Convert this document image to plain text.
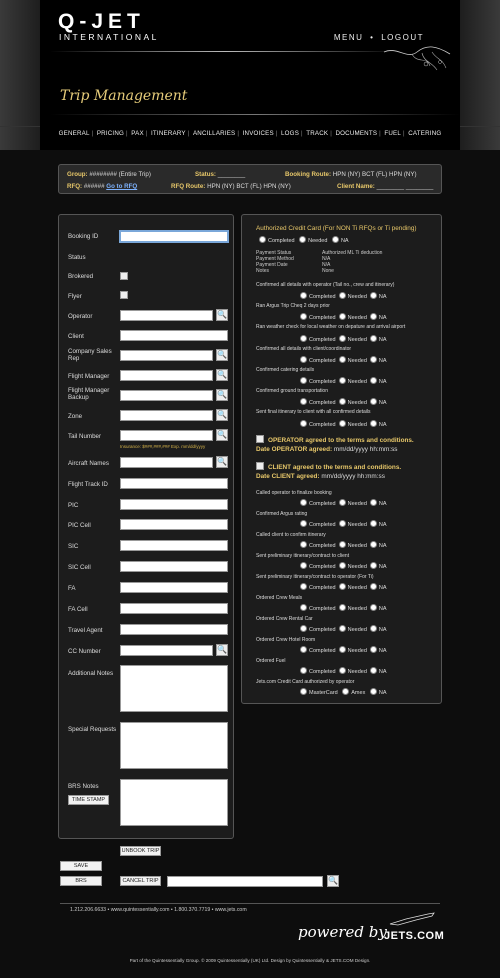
Q-JET
INTERNATIONAL	MENU • LOGOUT
Trip Management
GENERAL | PRICING | PAX | ITINERARY | ANCILLARIES | INVOICES | LOGS | TRACK | DOCUMENTS | FUEL | CATERING
Group: ######## (Entire Trip)	Status: ________	Booking Route: HPN (NY) BCT (FL) HPN (NY)
RFQ: ###### Go to RFQ	RFQ Route: HPN (NY) BCT (FL) HPN (NY)	Client Name: ________ ________
Booking ID
Status
Brokered
Flyer
Operator	🔍
Client
Company Sales Rep	🔍
Flight Manager	🔍
Flight Manager Backup	🔍
Zone	🔍
Tail Number	🔍
Insurance: $###,###,### Exp. mm/dd/yyyy
Aircraft Names	🔍
Flight Track ID
PIC
PIC Cell
SIC
SIC Cell
FA
FA Cell
Travel Agent
CC Number	🔍
Additional Notes
Special Requests
BRS Notes
TIME STAMP
Authorized Credit Card (For NON Ti RFQs or Ti pending)
Completed Needed NA
Payment Status	Authorized ML Ti deduction
Payment Method	N/A
Payment Date	N/A
Notes	None
Confirmed all details with operator (Tail no., crew and itinerary)
Completed Needed NA
Ran Argus Trip Cheq 2 days prior
Completed Needed NA
Ran weather check for local weather on depature and arrival airport
Completed Needed NA
Confirmed all details with client/coordinator
Completed Needed NA
Confirmed catering details
Completed Needed NA
Confirmed ground transportation
Completed Needed NA
Sent final itinerary to client with all confirmed details
Completed Needed NA
OPERATOR agreed to the terms and conditions.
Date OPERATOR agreed: mm/dd/yyyy hh:mm:ss
CLIENT agreed to the terms and conditions.
Date CLIENT agreed: mm/dd/yyyy hh:mm:ss
Called operator to finalize booking
Completed Needed NA
Confirmed Argus rating
Completed Needed NA
Called client to confirm itinerary
Completed Needed NA
Sent preliminary itinerary/contract to client
Completed Needed NA
Sent preliminary itinerary/contract to operator (For Ti)
Completed Needed NA
Ordered Crew Meals
Completed Needed NA
Ordered Crew Rental Car
Completed Needed NA
Ordered Crew Hotel Room
Completed Needed NA
Ordered Fuel
Completed Needed NA
Jets.com Credit Card authorized by operator
MasterCard Amex NA
UNBOOK TRIP
SAVE
BRS	CANCEL TRIP	🔍
1.212.206.6633 • www.quintessentially.com • 1.800.370.7719 • www.jets.com
powered by
JETS.COM
Part of the Quintessentially Group. © 2009 Quintessentially (UK) Ltd. Design by Quintessentially & JETS.COM Design.
